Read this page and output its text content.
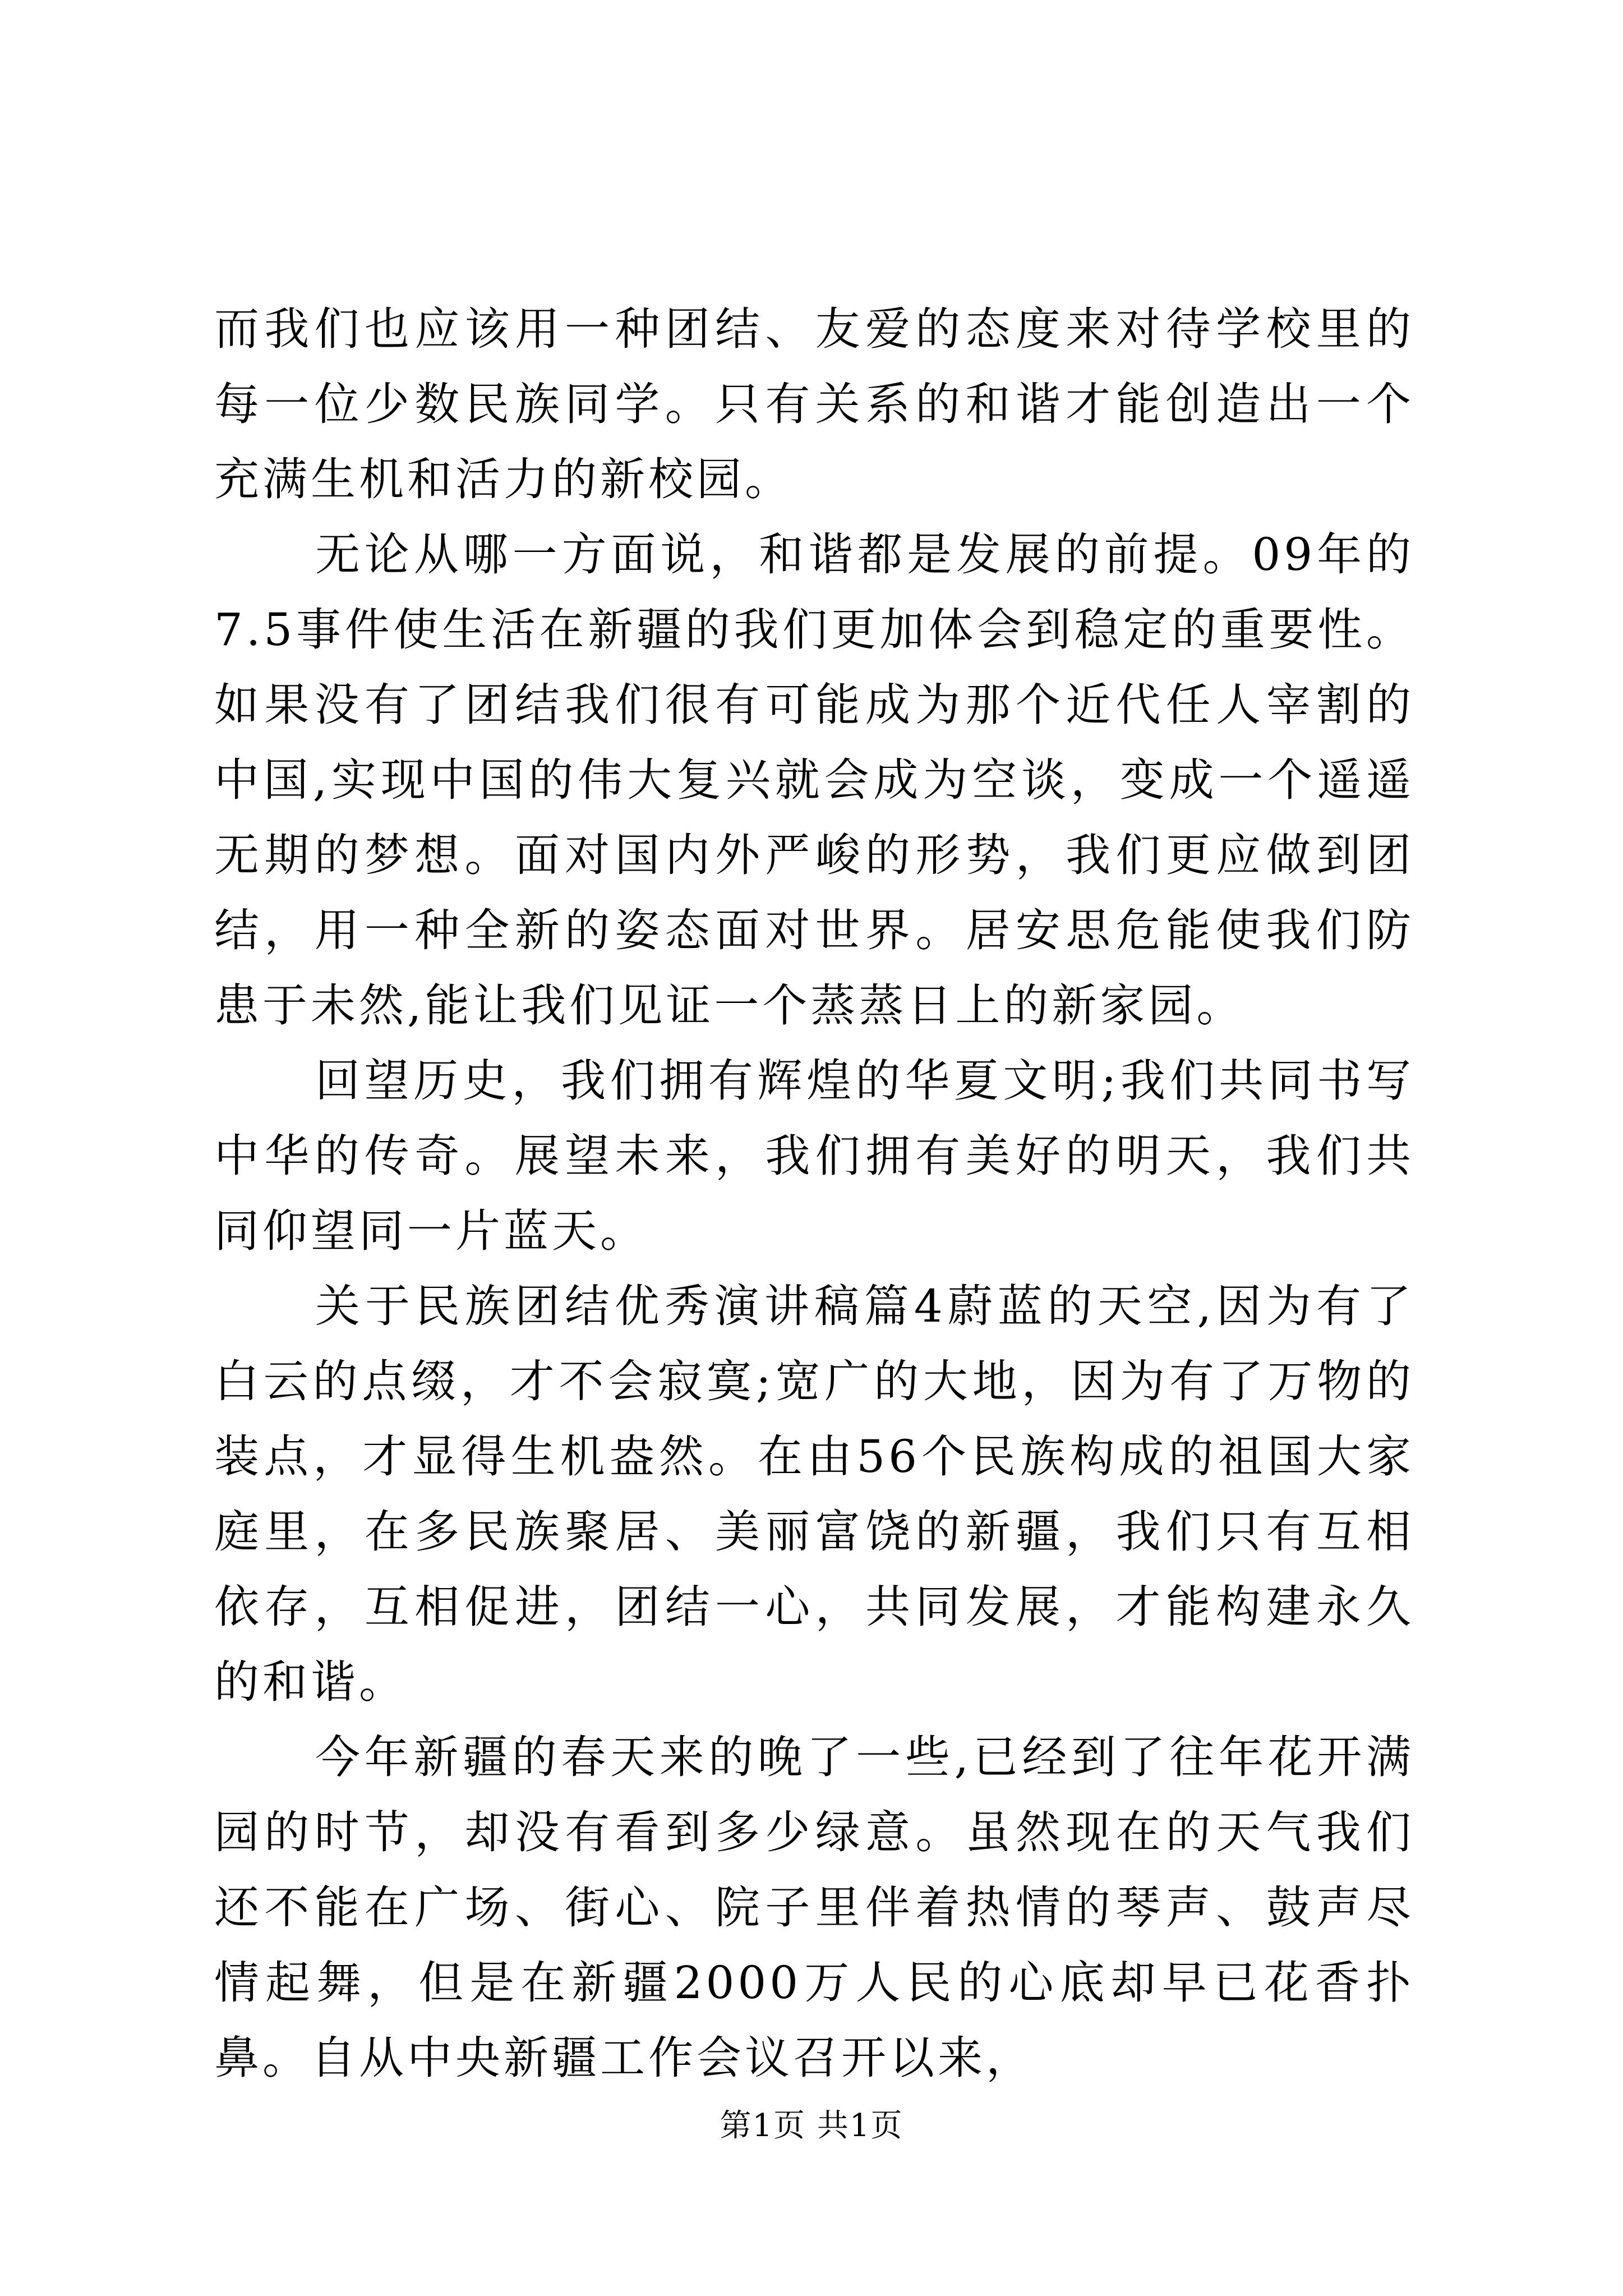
而我们也应该用一种团结、友爱的态度来对待学校里的每一位少数民族同学。只有关系的和谐才能创造出一个充满生机和活力的新校园。

无论从哪一方面说，和谐都是发展的前提。09年的7.5事件使生活在新疆的我们更加体会到稳定的重要性。如果没有了团结我们很有可能成为那个近代任人宰割的中国,实现中国的伟大复兴就会成为空谈，变成一个遥遥无期的梦想。面对国内外严峻的形势，我们更应做到团结，用一种全新的姿态面对世界。居安思危能使我们防患于未然,能让我们见证一个蒸蒸日上的新家园。

回望历史，我们拥有辉煌的华夏文明;我们共同书写中华的传奇。展望未来，我们拥有美好的明天，我们共同仰望同一片蓝天。

关于民族团结优秀演讲稿篇4蔚蓝的天空,因为有了白云的点缀，才不会寂寞;宽广的大地，因为有了万物的装点，才显得生机盎然。在由56个民族构成的祖国大家庭里，在多民族聚居、美丽富饶的新疆，我们只有互相依存，互相促进，团结一心，共同发展，才能构建永久的和谐。

今年新疆的春天来的晚了一些,已经到了往年花开满园的时节，却没有看到多少绿意。虽然现在的天气我们还不能在广场、街心、院子里伴着热情的琴声、鼓声尽情起舞，但是在新疆2000万人民的心底却早已花香扑鼻。自从中央新疆工作会议召开以来，

第1页 共1页
